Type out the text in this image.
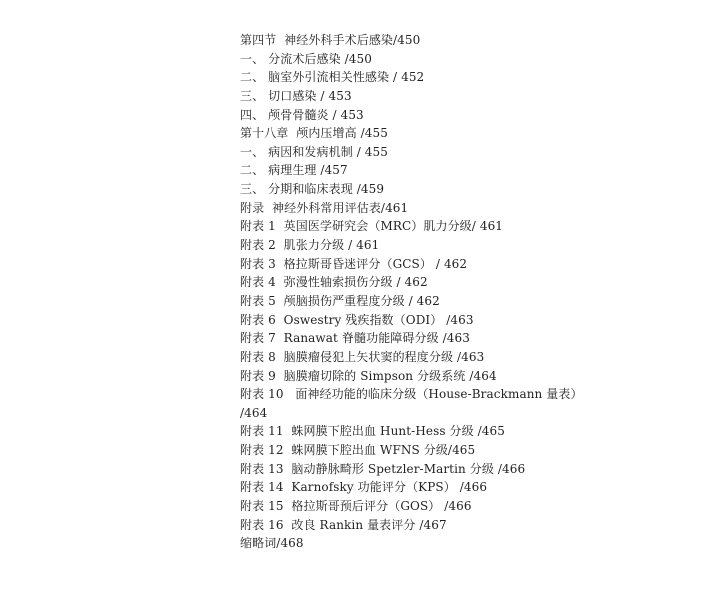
第四节  神经外科手术后感染/450
一、 分流术后感染 /450
二、 脑室外引流相关性感染 / 452
三、 切口感染 / 453
四、 颅骨骨髓炎 / 453
第十八章  颅内压增高 /455
一、 病因和发病机制 / 455
二、 病理生理 /457
三、 分期和临床表现 /459
附录  神经外科常用评估表/461
附表 1  英国医学研究会（MRC）肌力分级/ 461
附表 2  肌张力分级 / 461
附表 3  格拉斯哥昏迷评分（GCS） / 462
附表 4  弥漫性轴索损伤分级 / 462
附表 5  颅脑损伤严重程度分级 / 462
附表 6  Oswestry 残疾指数（ODI） /463
附表 7  Ranawat 脊髓功能障碍分级 /463
附表 8  脑膜瘤侵犯上矢状窦的程度分级 /463
附表 9  脑膜瘤切除的 Simpson 分级系统 /464
附表 10   面神经功能的临床分级（House-Brackmann 量表）
/464
附表 11  蛛网膜下腔出血 Hunt-Hess 分级 /465
附表 12  蛛网膜下腔出血 WFNS 分级/465
附表 13  脑动静脉畸形 Spetzler-Martin 分级 /466
附表 14  Karnofsky 功能评分（KPS） /466
附表 15  格拉斯哥预后评分（GOS） /466
附表 16  改良 Rankin 量表评分 /467
缩略词/468
